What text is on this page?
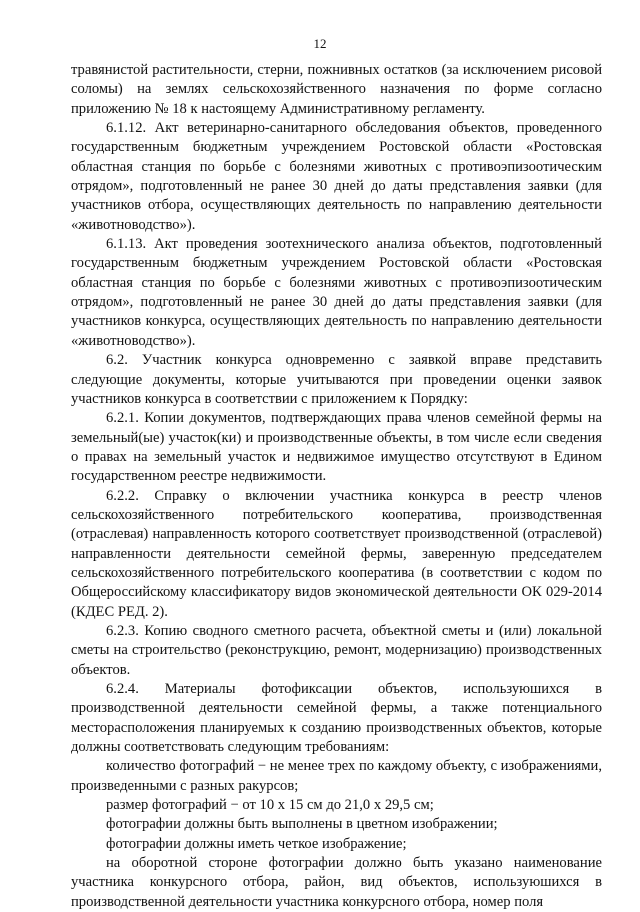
12

травянистой растительности, стерни, пожнивных остатков (за исключением рисовой соломы) на землях сельскохозяйственного назначения по форме согласно приложению № 18 к настоящему Административному регламенту.

6.1.12. Акт ветеринарно-санитарного обследования объектов, проведенного государственным бюджетным учреждением Ростовской области «Ростовская областная станция по борьбе с болезнями животных с противоэпизоотическим отрядом», подготовленный не ранее 30 дней до даты представления заявки (для участников отбора, осуществляющих деятельность по направлению деятельности «животноводство»).

6.1.13. Акт проведения зоотехнического анализа объектов, подготовленный государственным бюджетным учреждением Ростовской области «Ростовская областная станция по борьбе с болезнями животных с противоэпизоотическим отрядом», подготовленный не ранее 30 дней до даты представления заявки (для участников конкурса, осуществляющих деятельность по направлению деятельности «животноводство»).

6.2. Участник конкурса одновременно с заявкой вправе представить следующие документы, которые учитываются при проведении оценки заявок участников конкурса в соответствии с приложением к Порядку:

6.2.1. Копии документов, подтверждающих права членов семейной фермы на земельный(ые) участок(ки) и производственные объекты, в том числе если сведения о правах на земельный участок и недвижимое имущество отсутствуют в Едином государственном реестре недвижимости.

6.2.2. Справку о включении участника конкурса в реестр членов сельскохозяйственного потребительского кооператива, производственная (отраслевая) направленность которого соответствует производственной (отраслевой) направленности деятельности семейной фермы, заверенную председателем сельскохозяйственного потребительского кооператива (в соответствии с кодом по Общероссийскому классификатору видов экономической деятельности ОК 029-2014 (КДЕС РЕД. 2).

6.2.3. Копию сводного сметного расчета, объектной сметы и (или) локальной сметы на строительство (реконструкцию, ремонт, модернизацию) производственных объектов.

6.2.4. Материалы фотофиксации объектов, используюшихся в производственной деятельности семейной фермы, а также потенциального месторасположения планируемых к созданию производственных объектов, которые должны соответствовать следующим требованиям:

количество фотографий − не менее трех по каждому объекту, с изображениями, произведенными с разных ракурсов;

размер фотографий − от 10 х 15 см до 21,0 х 29,5 см;

фотографии должны быть выполнены в цветном изображении;

фотографии должны иметь четкое изображение;

на оборотной стороне фотографии должно быть указано наименование участника конкурсного отбора, район, вид объектов, используюшихся в производственной деятельности участника конкурсного отбора, номер поля
